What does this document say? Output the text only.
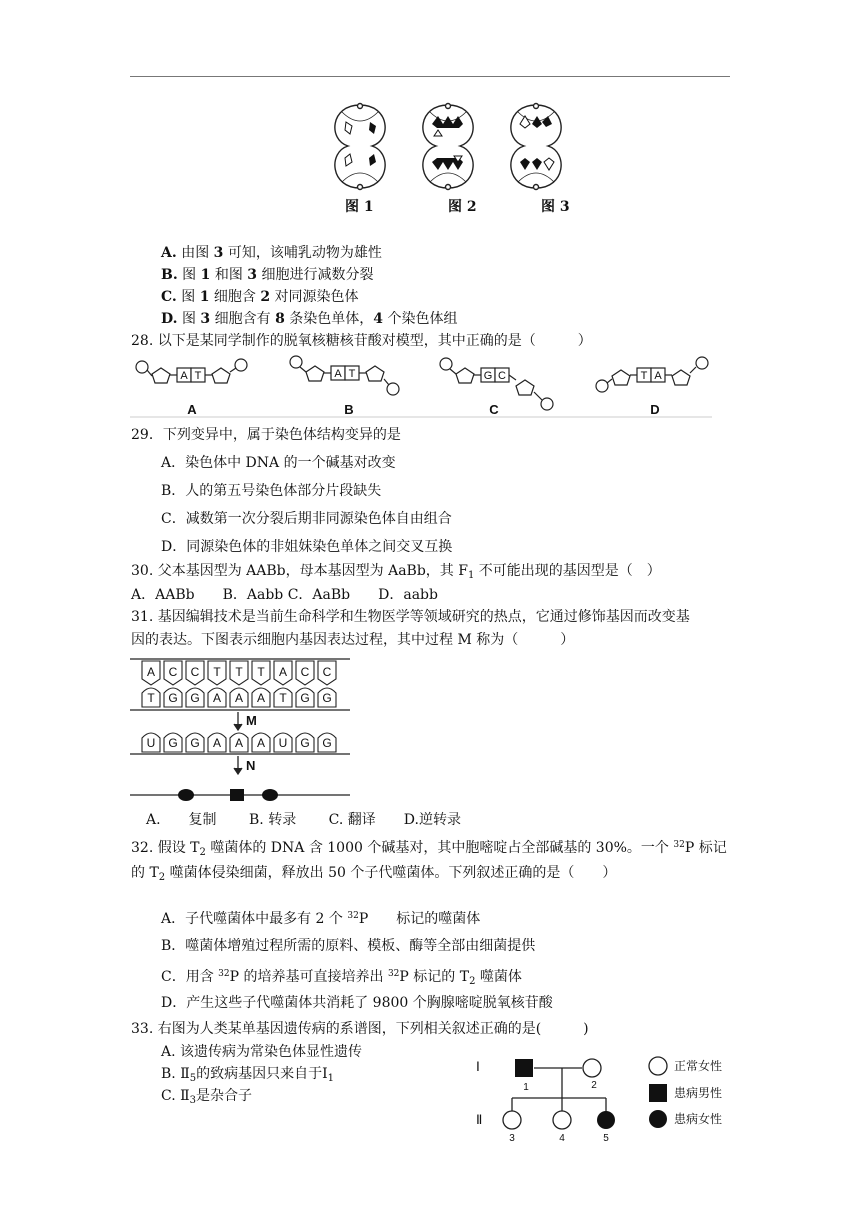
图 1	图 2	图 3
A. 由图 3 可知，该哺乳动物为雄性
B. 图 1 和图 3 细胞进行减数分裂
C. 图 1 细胞含 2 对同源染色体
D. 图 3 细胞含有 8 条染色单体，4 个染色体组
28. 以下是某同学制作的脱氧核糖核苷酸对模型，其中正确的是（　　　）
A T	A T	G C	T A
A	B	C	D
29．下列变异中，属于染色体结构变异的是
A．染色体中 DNA 的一个碱基对改变
B．人的第五号染色体部分片段缺失
C．减数第一次分裂后期非同源染色体自由组合
D．同源染色体的非姐妹染色单体之间交叉互换
30. 父本基因型为 AABb，母本基因型为 AaBb，其 $F_1$ 不可能出现的基因型是（　）
A．AABb　　B．Aabb C．AaBb　　D．aabb
31. 基因编辑技术是当前生命科学和生物医学等领域研究的热点，它通过修饰基因而改变基
因的表达。下图表示细胞内基因表达过程，其中过程 M 称为（　　　）
A C C T T T A C C
T G G A A A T G G
U G G A A A U G G
M
N
A.　　复制　　 B. 转录　　 C. 翻译　　D.逆转录
32. 假设 $T_2$ 噬菌体的 DNA 含 1000 个碱基对，其中胞嘧啶占全部碱基的 30%。一个 $^{32}$P 标记
的 $T_2$ 噬菌体侵染细菌，释放出 50 个子代噬菌体。下列叙述正确的是（　　）
A．子代噬菌体中最多有 2 个 $^{32}$P　　标记的噬菌体
B．噬菌体增殖过程所需的原料、模板、酶等全部由细菌提供
C．用含 $^{32}$P 的培养基可直接培养出 $^{32}$P 标记的 $T_2$ 噬菌体
D．产生这些子代噬菌体共消耗了 9800 个胸腺嘧啶脱氧核苷酸
33. 右图为人类某单基因遗传病的系谱图，下列相关叙述正确的是(　　　)
A. 该遗传病为常染色体显性遗传
B. $Ⅱ_5$的致病基因只来自于$Ⅰ_1$
C. $Ⅱ_3$是杂合子
Ⅰ
Ⅱ
1	2
3	4	5
正常女性
患病男性
患病女性
